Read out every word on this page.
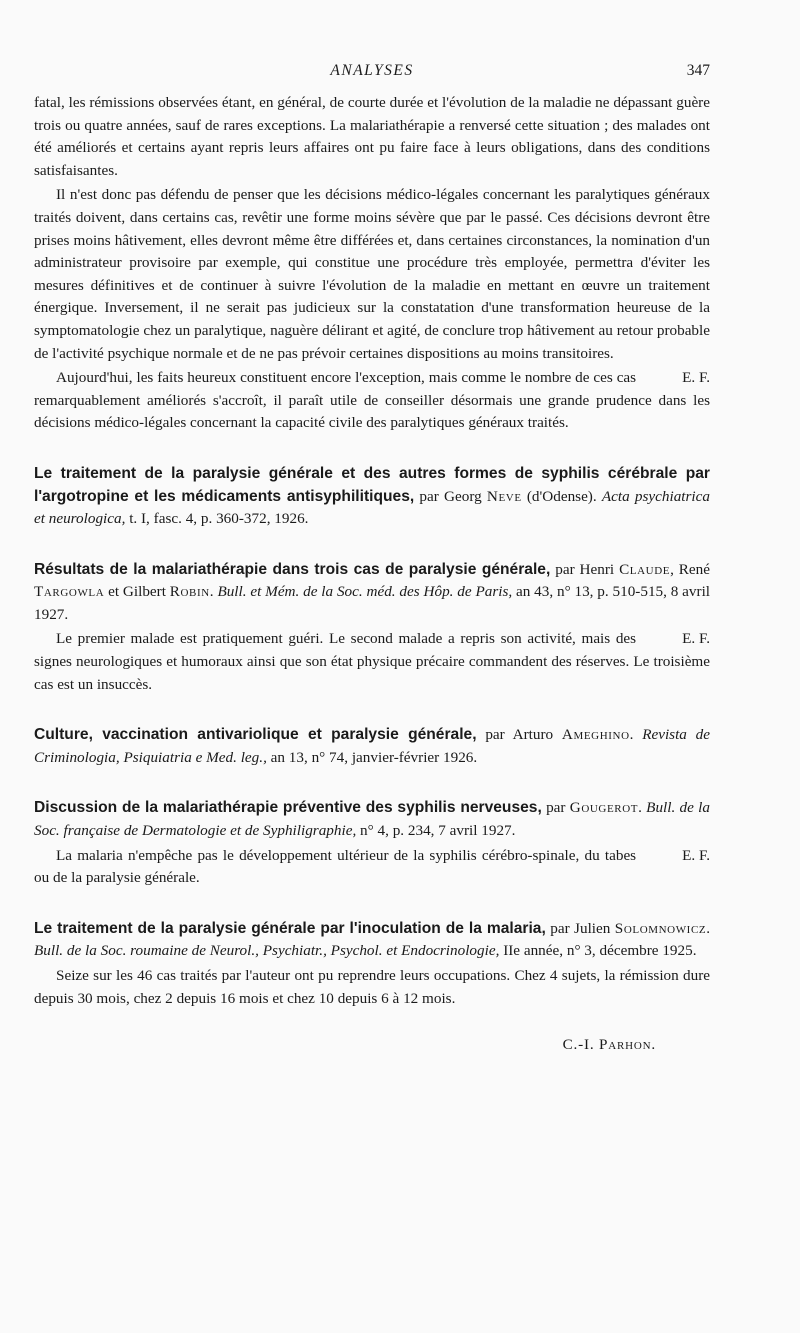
ANALYSES	347

fatal, les rémissions observées étant, en général, de courte durée et l'évolution de la maladie ne dépassant guère trois ou quatre années, sauf de rares exceptions. La malariathérapie a renversé cette situation ; des malades ont été améliorés et certains ayant repris leurs affaires ont pu faire face à leurs obligations, dans des conditions satisfaisantes.

Il n'est donc pas défendu de penser que les décisions médico-légales concernant les paralytiques généraux traités doivent, dans certains cas, revêtir une forme moins sévère que par le passé. Ces décisions devront être prises moins hâtivement, elles devront même être différées et, dans certaines circonstances, la nomination d'un administrateur provisoire par exemple, qui constitue une procédure très employée, permettra d'éviter les mesures définitives et de continuer à suivre l'évolution de la maladie en mettant en œuvre un traitement énergique. Inversement, il ne serait pas judicieux sur la constatation d'une transformation heureuse de la symptomatologie chez un paralytique, naguère délirant et agité, de conclure trop hâtivement au retour probable de l'activité psychique normale et de ne pas prévoir certaines dispositions au moins transitoires.

E. F.
Aujourd'hui, les faits heureux constituent encore l'exception, mais comme le nombre de ces cas remarquablement améliorés s'accroît, il paraît utile de conseiller désormais une grande prudence dans les décisions médico-légales concernant la capacité civile des paralytiques généraux traités.

Le traitement de la paralysie générale et des autres formes de syphilis cérébrale par l'argotropine et les médicaments antisyphilitiques, par Georg Neve (d'Odense). Acta psychiatrica et neurologica, t. I, fasc. 4, p. 360-372, 1926.

Résultats de la malariathérapie dans trois cas de paralysie générale, par Henri Claude, René Targowla et Gilbert Robin. Bull. et Mém. de la Soc. méd. des Hôp. de Paris, an 43, n° 13, p. 510-515, 8 avril 1927.

E. F.
Le premier malade est pratiquement guéri. Le second malade a repris son activité, mais des signes neurologiques et humoraux ainsi que son état physique précaire commandent des réserves. Le troisième cas est un insuccès.

Culture, vaccination antivariolique et paralysie générale, par Arturo Ameghino. Revista de Criminologia, Psiquiatria e Med. leg., an 13, n° 74, janvier-février 1926.

Discussion de la malariathérapie préventive des syphilis nerveuses, par Gougerot. Bull. de la Soc. française de Dermatologie et de Syphiligraphie, n° 4, p. 234, 7 avril 1927.

E. F.
La malaria n'empêche pas le développement ultérieur de la syphilis cérébro-spinale, du tabes ou de la paralysie générale.

Le traitement de la paralysie générale par l'inoculation de la malaria, par Julien Solomnowicz. Bull. de la Soc. roumaine de Neurol., Psychiatr., Psychol. et Endocrinologie, IIe année, n° 3, décembre 1925.

Seize sur les 46 cas traités par l'auteur ont pu reprendre leurs occupations. Chez 4 sujets, la rémission dure depuis 30 mois, chez 2 depuis 16 mois et chez 10 depuis 6 à 12 mois.

C.-I. Parhon.
